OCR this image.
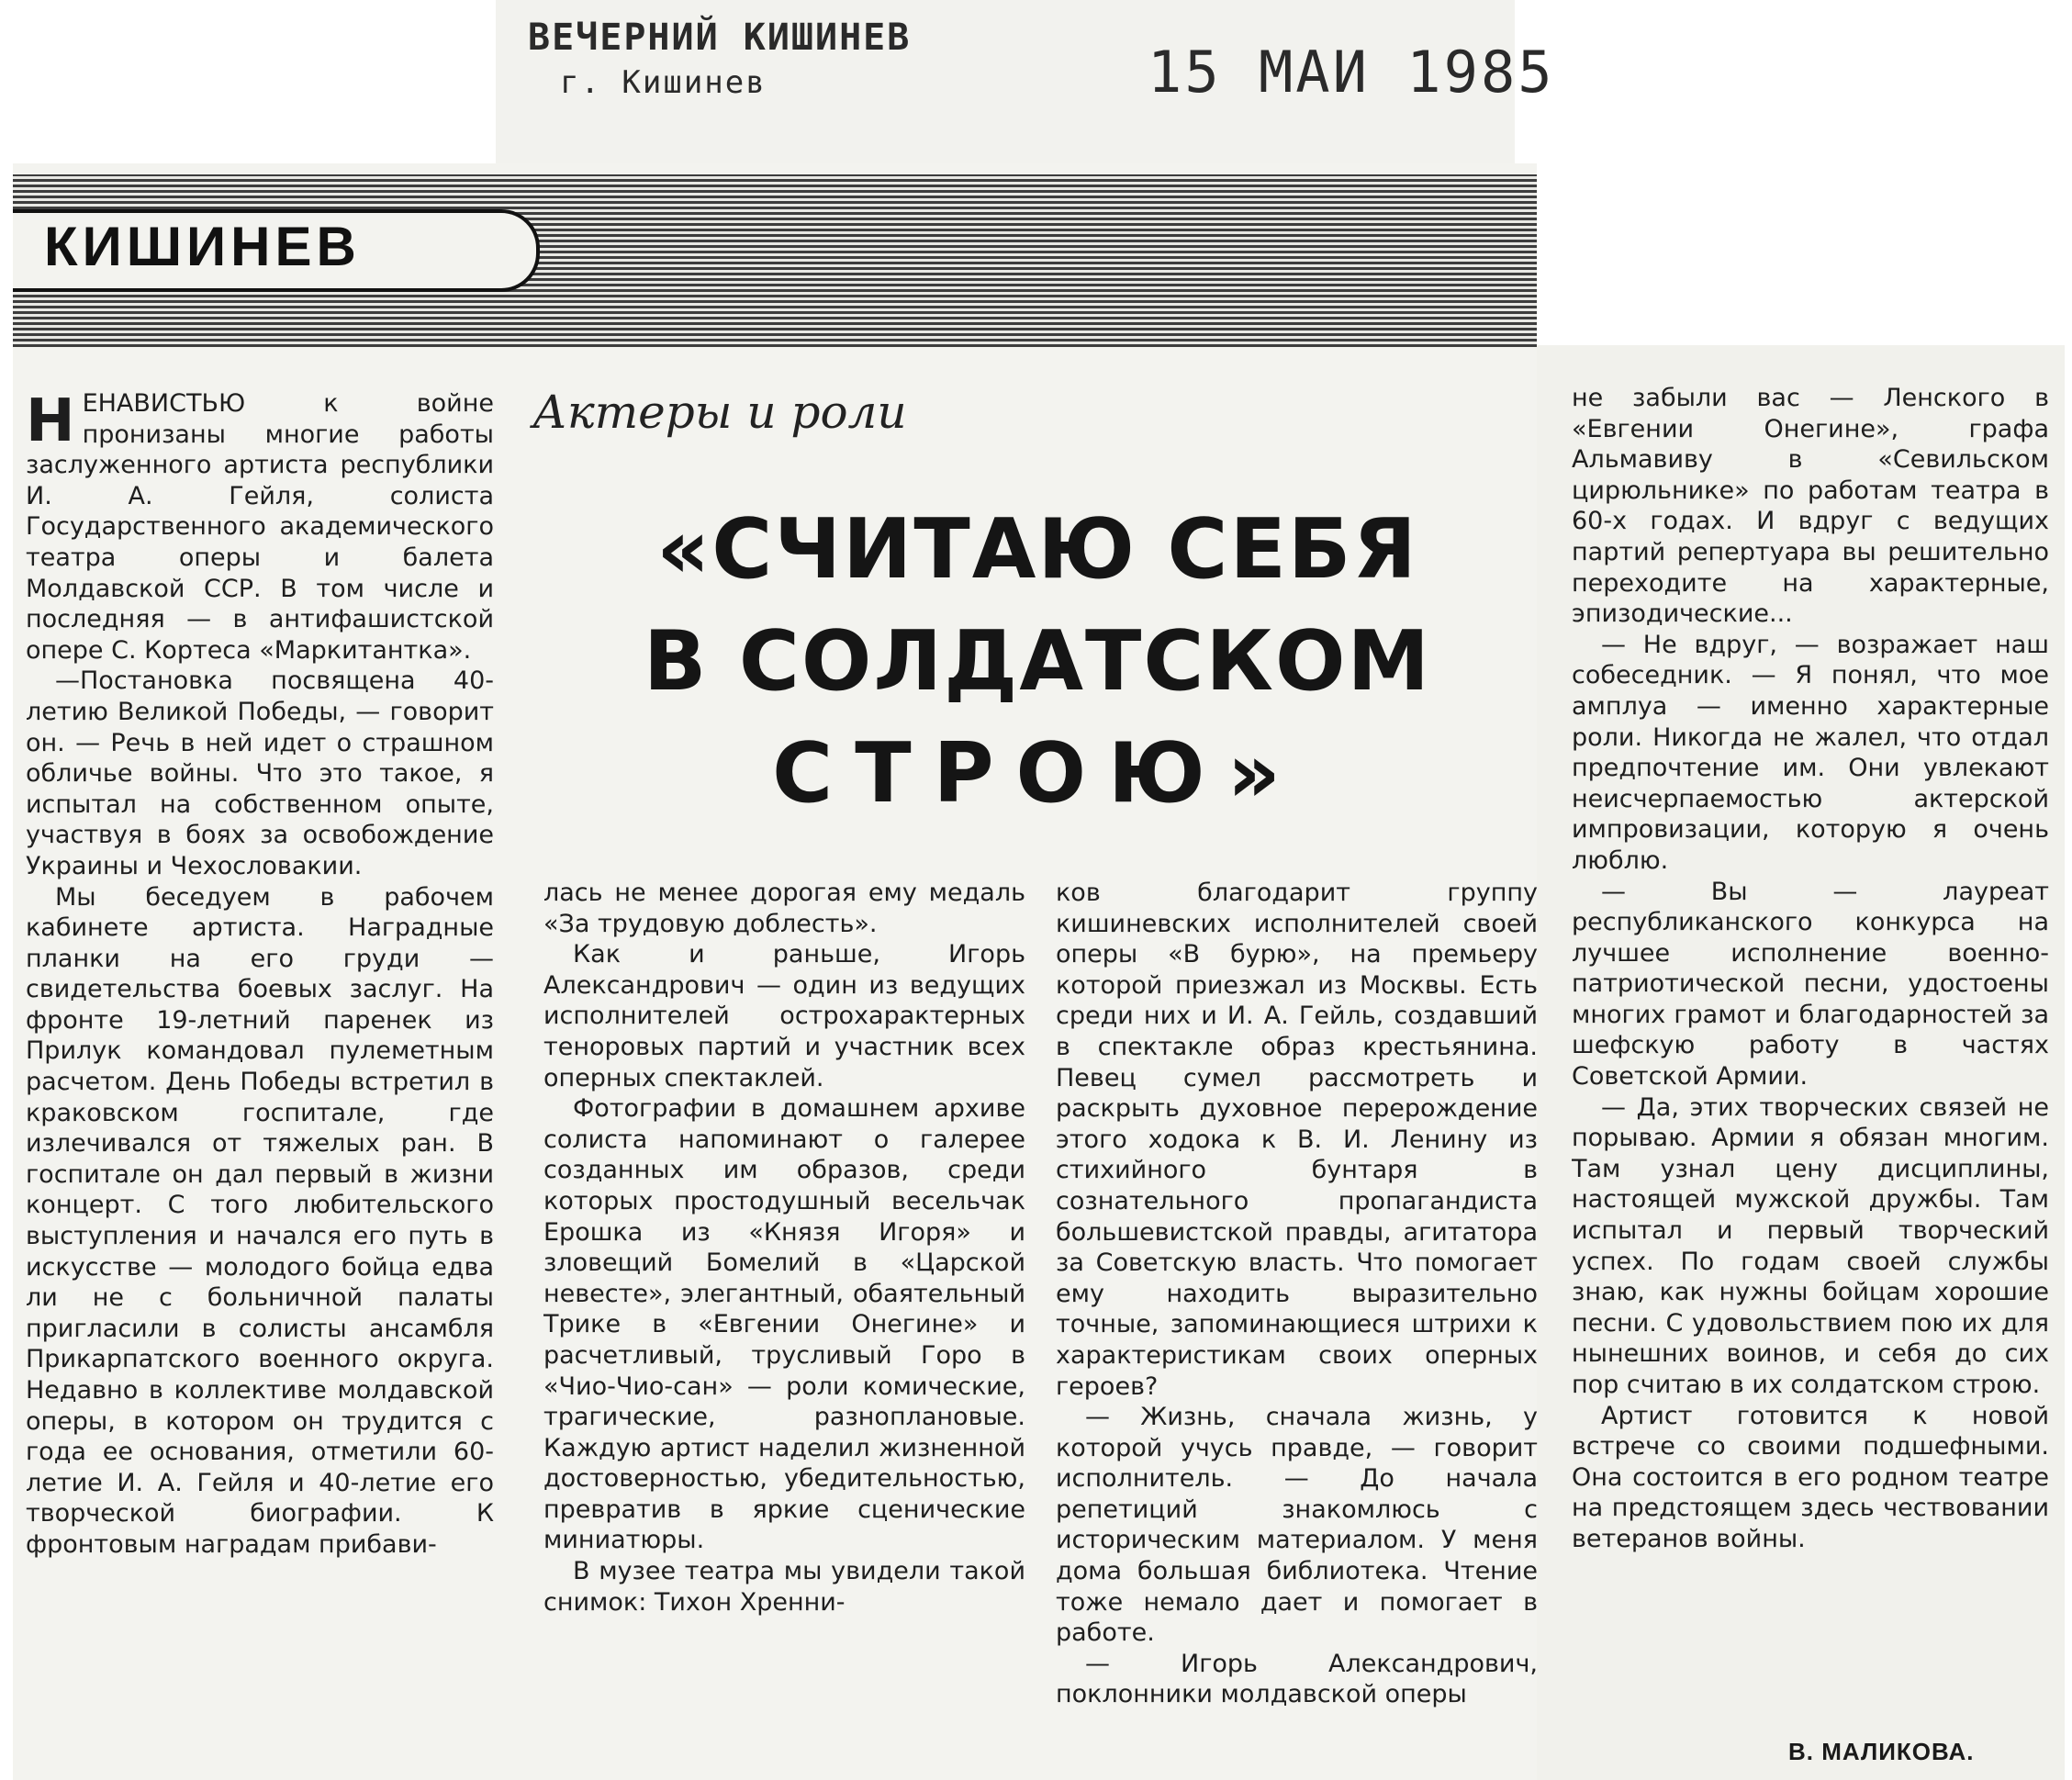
ВЕЧЕРНИЙ КИШИНЕВ
г. Кишинев	15 МАИ 1985
КИШИНЕВ
Актеры и роли
«СЧИТАЮ СЕБЯ
В СОЛДАТСКОМ
СТРОЮ»

НЕНАВИСТЬЮ к войне пронизаны многие работы заслуженного артиста республики И. А. Гейля, солиста Государственного академического театра оперы и балета Молдавской ССР. В том числе и последняя — в антифашистской опере С. Кортеса «Маркитантка».

—Постановка посвящена 40-летию Великой Победы, — говорит он. — Речь в ней идет о страшном обличье войны. Что это такое, я испытал на собственном опыте, участвуя в боях за освобождение Украины и Чехословакии.

Мы беседуем в рабочем кабинете артиста. Наградные планки на его груди — свидетельства боевых заслуг. На фронте 19-летний паренек из Прилук командовал пулеметным расчетом. День Победы встретил в краковском госпитале, где излечивался от тяжелых ран. В госпитале он дал первый в жизни концерт. С того любительского выступления и начался его путь в искусстве — молодого бойца едва ли не с больничной палаты пригласили в солисты ансамбля Прикарпатского военного округа. Недавно в коллективе молдавской оперы, в котором он трудится с года ее основания, отметили 60-летие И. А. Гейля и 40-летие его творческой биографии. К фронтовым наградам прибави-

лась не менее дорогая ему медаль «За трудовую доблесть».

Как и раньше, Игорь Александрович — один из ведущих исполнителей острохарактерных теноровых партий и участник всех оперных спектаклей.

Фотографии в домашнем архиве солиста напоминают о галерее созданных им образов, среди которых простодушный весельчак Ерошка из «Князя Игоря» и зловещий Бомелий в «Царской невесте», элегантный, обаятельный Трике в «Евгении Онегине» и расчетливый, трусливый Горо в «Чио-Чио-сан» — роли комические, трагические, разноплановые. Каждую артист наделил жизненной достоверностью, убедительностью, превратив в яркие сценические миниатюры.

В музее театра мы увидели такой снимок: Тихон Хренни-

ков благодарит группу кишиневских исполнителей своей оперы «В бурю», на премьеру которой приезжал из Москвы. Есть среди них и И. А. Гейль, создавший в спектакле образ крестьянина. Певец сумел рассмотреть и раскрыть духовное перерождение этого ходока к В. И. Ленину из стихийного бунтаря в сознательного пропагандиста большевистской правды, агитатора за Советскую власть. Что помогает ему находить выразительно точные, запоминающиеся штрихи к характеристикам своих оперных героев?

— Жизнь, сначала жизнь, у которой учусь правде, — говорит исполнитель. — До начала репетиций знакомлюсь с историческим материалом. У меня дома большая библиотека. Чтение тоже немало дает и помогает в работе.

— Игорь Александрович, поклонники молдавской оперы

не забыли вас — Ленского в «Евгении Онегине», графа Альмавиву в «Севильском цирюльнике» по работам театра в 60-х годах. И вдруг с ведущих партий репертуара вы решительно переходите на характерные, эпизодические...

— Не вдруг, — возражает наш собеседник. — Я понял, что мое амплуа — именно характерные роли. Никогда не жалел, что отдал предпочтение им. Они увлекают неисчерпаемостью актерской импровизации, которую я очень люблю.

— Вы — лауреат республиканского конкурса на лучшее исполнение военно-патриотической песни, удостоены многих грамот и благодарностей за шефскую работу в частях Советской Армии.

— Да, этих творческих связей не порываю. Армии я обязан многим. Там узнал цену дисциплины, настоящей мужской дружбы. Там испытал и первый творческий успех. По годам своей службы знаю, как нужны бойцам хорошие песни. С удовольствием пою их для нынешних воинов, и себя до сих пор считаю в их солдатском строю.

Артист готовится к новой встрече со своими подшефными. Она состоится в его родном театре на предстоящем здесь чествовании ветеранов войны.

В. МАЛИКОВА.
